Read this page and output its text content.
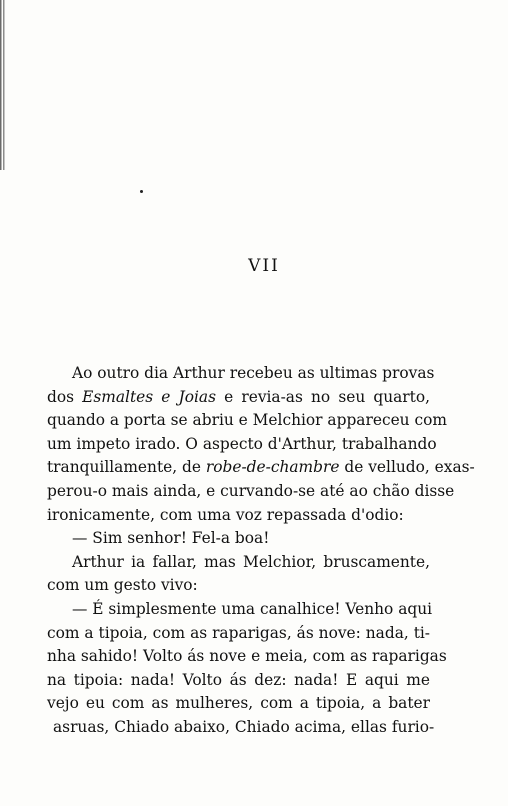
VII
Ao outro dia Arthur recebeu as ultimas provas
dos Esmaltes e Joias e revia-as no seu quarto,
quando a porta se abriu e Melchior appareceu com
um impeto irado. O aspecto d'Arthur, trabalhando
tranquillamente, de robe-de-chambre de velludo, exas-
perou-o mais ainda, e curvando-se até ao chão disse
ironicamente, com uma voz repassada d'odio:
— Sim senhor! Fel-a boa!
Arthur ia fallar, mas Melchior, bruscamente,
com um gesto vivo:
— É simplesmente uma canalhice! Venho aqui
com a tipoia, com as raparigas, ás nove: nada, ti-
nha sahido! Volto ás nove e meia, com as raparigas
na tipoia: nada! Volto ás dez: nada! E aqui me
vejo eu com as mulheres, com a tipoia, a bater
asruas, Chiado abaixo, Chiado acima, ellas furio-
